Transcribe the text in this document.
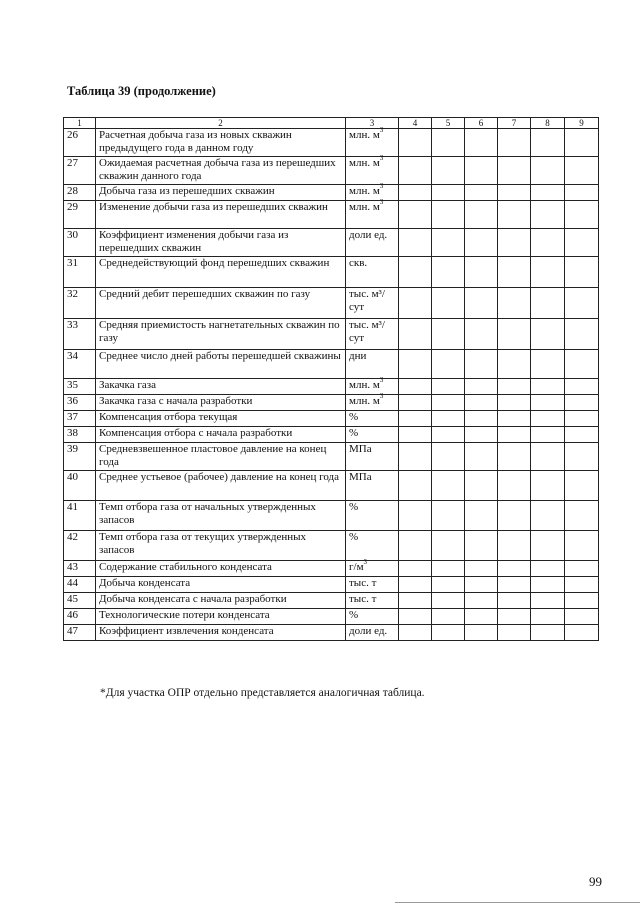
Таблица 39 (продолжение)
1	2	3	4	5	6	7	8	9
26	Расчетная добыча газа из новых скважин предыдущего года в данном году	млн. $м^3$						
27	Ожидаемая расчетная добыча газа из перешедших скважин данного года	млн. $м^3$						
28	Добыча газа из перешедших скважин	млн. $м^3$						
29	Изменение добычи газа из перешедших скважин	млн. $м^3$						
30	Коэффициент изменения добычи газа из перешедших скважин	доли ед.						
31	Среднедействующий фонд перешедших скважин	скв.						
32	Средний дебит перешедших скважин по газу	тыс. м³/сут						
33	Средняя приемистость нагнетательных скважин по газу	тыс. м³/сут						
34	Среднее число дней работы перешедшей скважины	дни						
35	Закачка газа	млн. $м^3$						
36	Закачка газа с начала разработки	млн. $м^3$						
37	Компенсация отбора текущая	%						
38	Компенсация отбора с начала разработки	%						
39	Средневзвешенное пластовое давление на конец года	МПа						
40	Среднее устьевое (рабочее) давление на конец года	МПа						
41	Темп отбора газа от начальных утвержденных запасов	%						
42	Темп отбора газа от текущих утвержденных запасов	%						
43	Содержание стабильного конденсата	$г/м^3$						
44	Добыча конденсата	тыс. т						
45	Добыча конденсата с начала разработки	тыс. т						
46	Технологические потери конденсата	%						
47	Коэффициент извлечения конденсата	доли ед.						
*Для участка ОПР отдельно представляется аналогичная таблица.
99
